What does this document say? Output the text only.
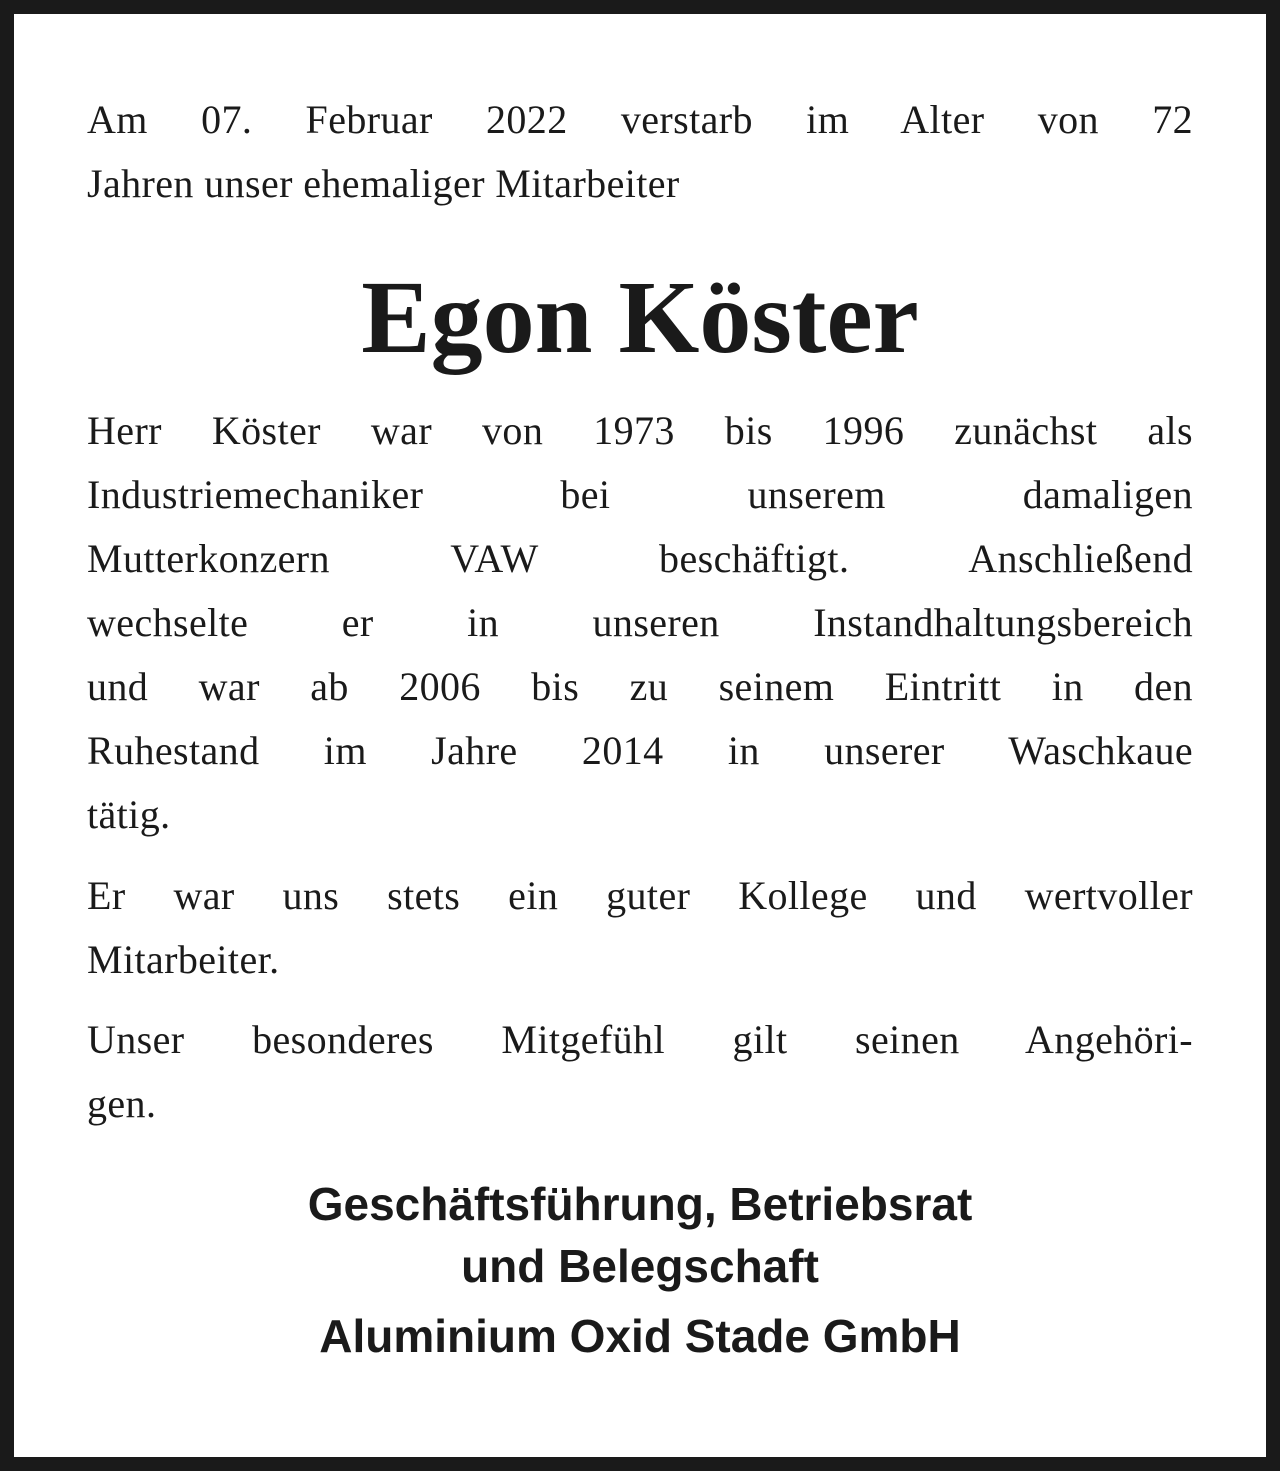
Am 07. Februar 2022 verstarb im Alter von 72
Jahren unser ehemaliger Mitarbeiter
Egon Köster
Herr Köster war von 1973 bis 1996 zunächst als
Industriemechaniker bei unserem damaligen
Mutterkonzern VAW beschäftigt. Anschließend
wechselte er in unseren Instandhaltungsbereich
und war ab 2006 bis zu seinem Eintritt in den
Ruhestand im Jahre 2014 in unserer Waschkaue
tätig.
Er war uns stets ein guter Kollege und wertvoller
Mitarbeiter.
Unser besonderes Mitgefühl gilt seinen Angehöri-
gen.

Geschäftsführung, Betriebsrat

und Belegschaft

Aluminium Oxid Stade GmbH
